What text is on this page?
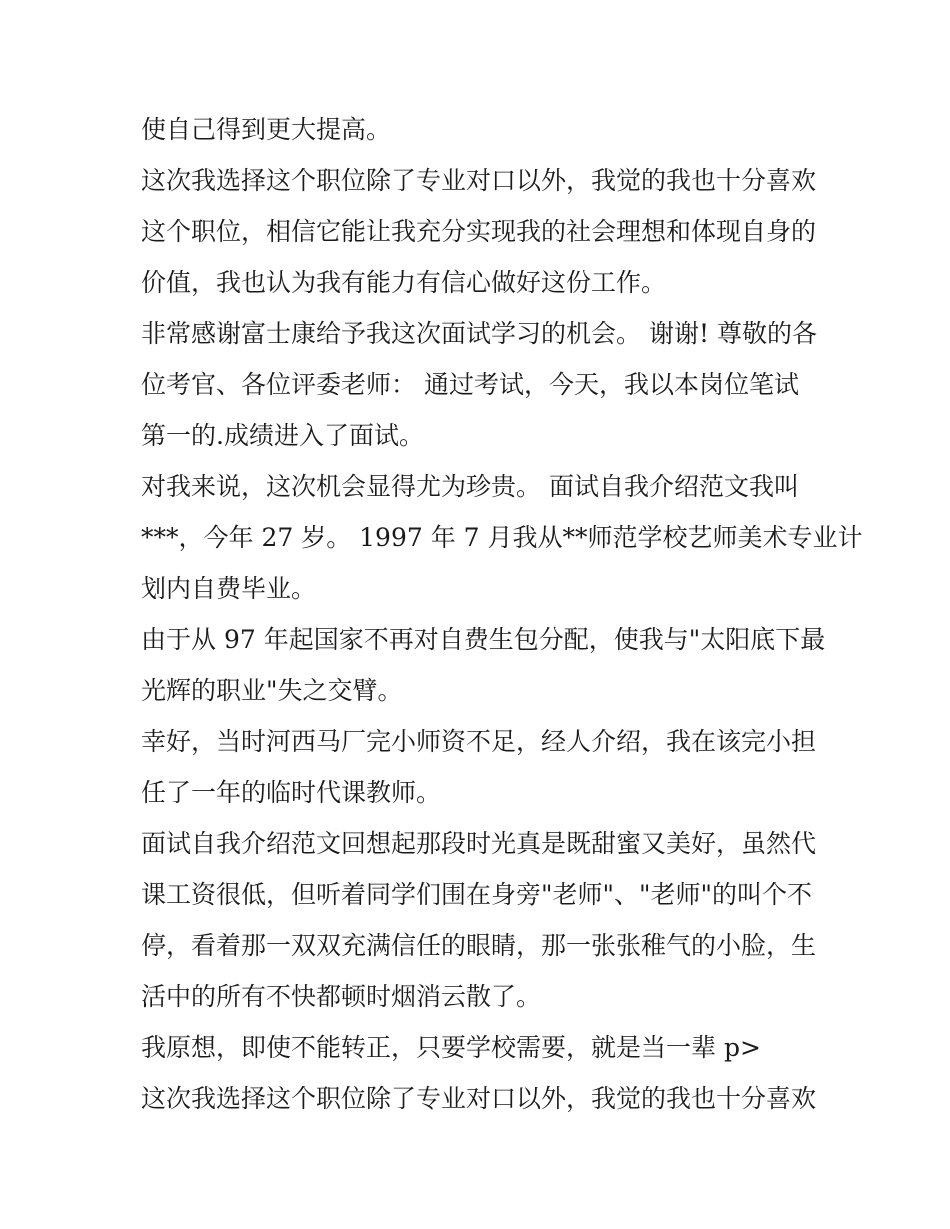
使自己得到更大提高。
这次我选择这个职位除了专业对口以外，我觉的我也十分喜欢
这个职位，相信它能让我充分实现我的社会理想和体现自身的
价值，我也认为我有能力有信心做好这份工作。
非常感谢富士康给予我这次面试学习的机会。 谢谢! 尊敬的各
位考官、各位评委老师： 通过考试，今天，我以本岗位笔试
第一的.成绩进入了面试。
对我来说，这次机会显得尤为珍贵。 面试自我介绍范文我叫
***，今年 27 岁。 1997 年 7 月我从**师范学校艺师美术专业计
划内自费毕业。
由于从 97 年起国家不再对自费生包分配，使我与"太阳底下最
光辉的职业"失之交臂。
幸好，当时河西马厂完小师资不足，经人介绍，我在该完小担
任了一年的临时代课教师。
面试自我介绍范文回想起那段时光真是既甜蜜又美好，虽然代
课工资很低，但听着同学们围在身旁"老师"、"老师"的叫个不
停，看着那一双双充满信任的眼睛，那一张张稚气的小脸，生
活中的所有不快都顿时烟消云散了。
我原想，即使不能转正，只要学校需要，就是当一辈 p>
这次我选择这个职位除了专业对口以外，我觉的我也十分喜欢
